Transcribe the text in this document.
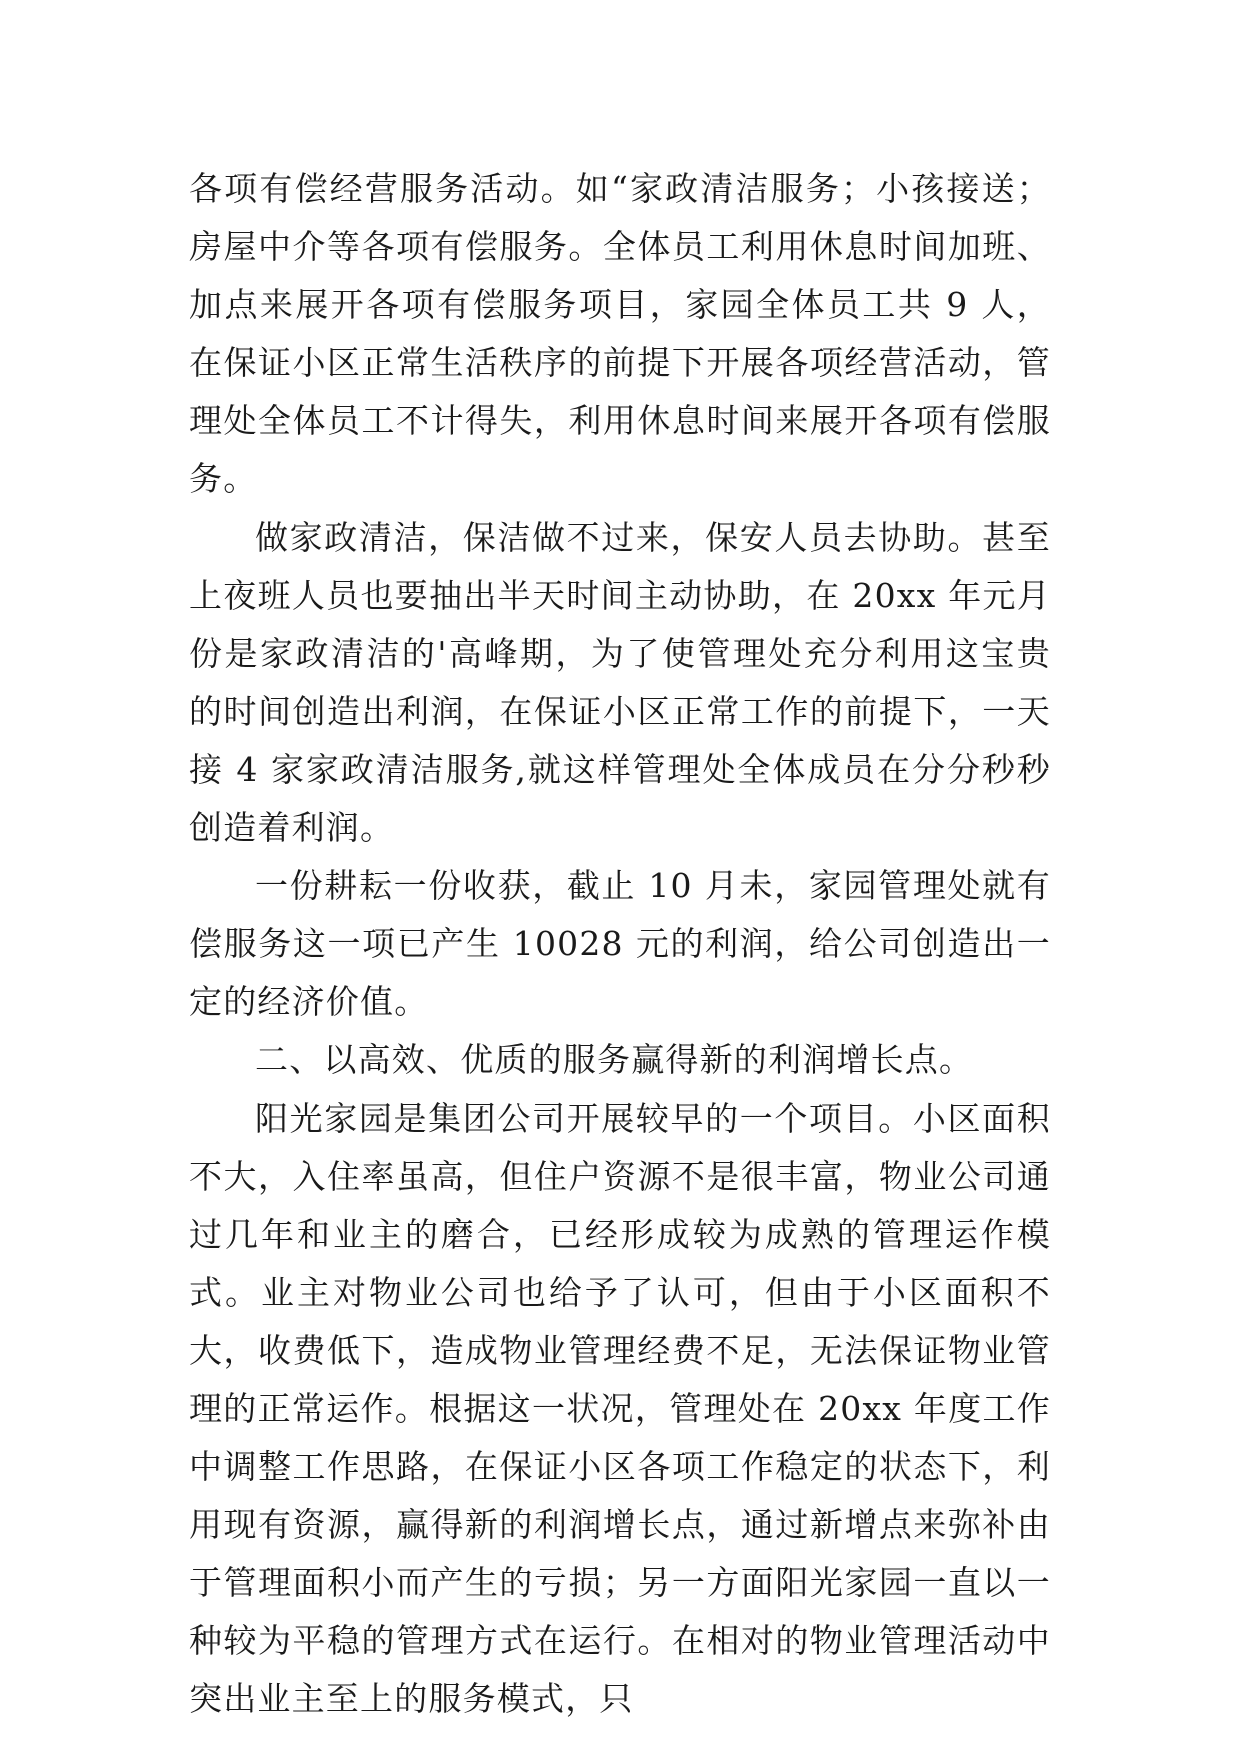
各项有偿经营服务活动。如“家政清洁服务；小孩接送；房屋中介等各项有偿服务。全体员工利用休息时间加班、加点来展开各项有偿服务项目，家园全体员工共 9 人，在保证小区正常生活秩序的前提下开展各项经营活动，管理处全体员工不计得失，利用休息时间来展开各项有偿服务。

做家政清洁，保洁做不过来，保安人员去协助。甚至上夜班人员也要抽出半天时间主动协助，在 20xx 年元月份是家政清洁的'高峰期，为了使管理处充分利用这宝贵的时间创造出利润，在保证小区正常工作的前提下，一天接 4 家家政清洁服务,就这样管理处全体成员在分分秒秒创造着利润。

一份耕耘一份收获，截止 10 月未，家园管理处就有偿服务这一项已产生 10028 元的利润，给公司创造出一定的经济价值。

二、以高效、优质的服务赢得新的利润增长点。

阳光家园是集团公司开展较早的一个项目。小区面积不大，入住率虽高，但住户资源不是很丰富，物业公司通过几年和业主的磨合，已经形成较为成熟的管理运作模式。业主对物业公司也给予了认可，但由于小区面积不大，收费低下，造成物业管理经费不足，无法保证物业管理的正常运作。根据这一状况，管理处在 20xx 年度工作中调整工作思路，在保证小区各项工作稳定的状态下，利用现有资源，赢得新的利润增长点，通过新增点来弥补由于管理面积小而产生的亏损；另一方面阳光家园一直以一种较为平稳的管理方式在运行。在相对的物业管理活动中突出业主至上的服务模式，只
